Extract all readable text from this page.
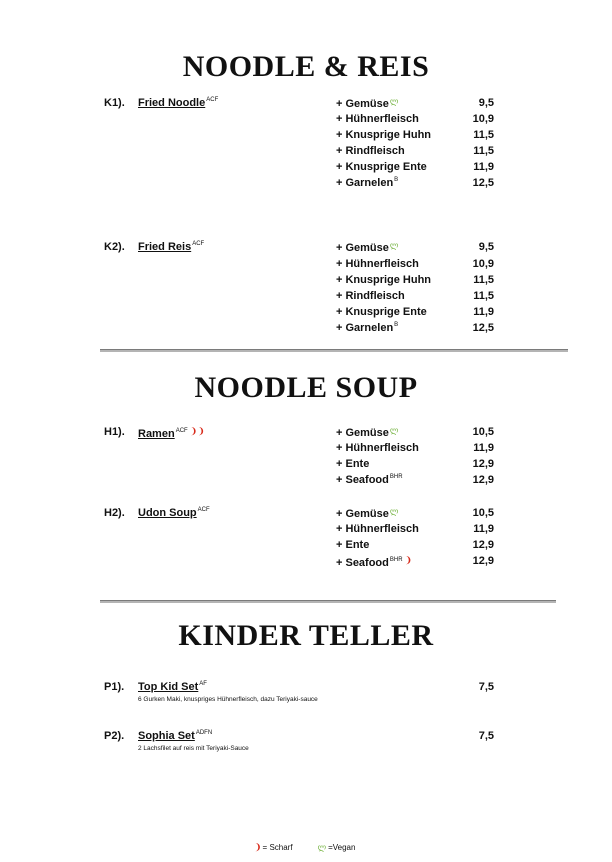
NOODLE & REIS
K1). Fried Noodle$^{ACF}$	+ Gemüse$^ლ$	9,5
+ Hühnerfleisch	10,9
+ Knusprige Huhn	11,5
+ Rindfleisch	11,5
+ Knusprige Ente	11,9
+ Garnelen$^B$	12,5
K2). Fried Reis$^{ACF}$	+ Gemüse$^ლ$	9,5
+ Hühnerfleisch	10,9
+ Knusprige Huhn	11,5
+ Rindfleisch	11,5
+ Knusprige Ente	11,9
+ Garnelen$^B$	12,5
NOODLE SOUP
H1). Ramen$^{ACF}$ ❩❩	+ Gemüse$^ლ$	10,5
+ Hühnerfleisch	11,9
+ Ente	12,9
+ Seafood$^{BHR}$	12,9
H2). Udon Soup$^{ACF}$	+ Gemüse$^ლ$	10,5
+ Hühnerfleisch	11,9
+ Ente	12,9
+ Seafood$^{BHR}$ ❩	12,9
KINDER TELLER
P1). Top Kid Set$^{AF}$	7,5
6 Gurken Maki, knuspriges Hühnerfleisch, dazu Teriyaki-sauce
P2). Sophia Set$^{ADFN}$	7,5
2 Lachsfilet auf reis mit Teriyaki-Sauce
❩= Scharf	ლ =Vegan
